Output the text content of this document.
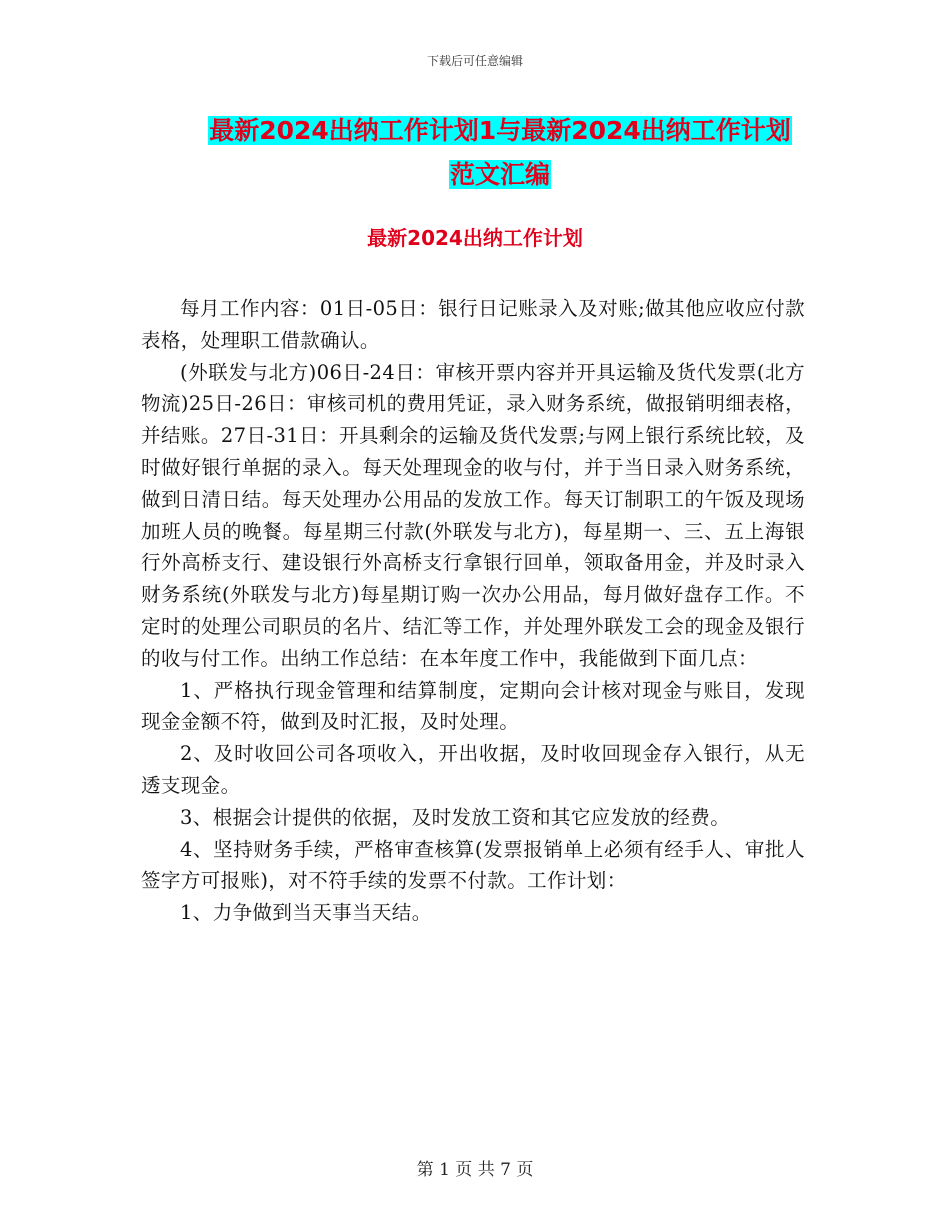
下载后可任意编辑
最新2024出纳工作计划1与最新2024出纳工作计划
范文汇编
最新2024出纳工作计划

每月工作内容：01日-05日：银行日记账录入及对账;做其他应收应付款表格，处理职工借款确认。

(外联发与北方)06日-24日：审核开票内容并开具运输及货代发票(北方物流)25日-26日：审核司机的费用凭证，录入财务系统，做报销明细表格，并结账。27日-31日：开具剩余的运输及货代发票;与网上银行系统比较，及时做好银行单据的录入。每天处理现金的收与付，并于当日录入财务系统，做到日清日结。每天处理办公用品的发放工作。每天订制职工的午饭及现场加班人员的晚餐。每星期三付款(外联发与北方)，每星期一、三、五上海银行外高桥支行、建设银行外高桥支行拿银行回单，领取备用金，并及时录入财务系统(外联发与北方)每星期订购一次办公用品，每月做好盘存工作。不定时的处理公司职员的名片、结汇等工作，并处理外联发工会的现金及银行的收与付工作。出纳工作总结：在本年度工作中，我能做到下面几点：

1、严格执行现金管理和结算制度，定期向会计核对现金与账目，发现现金金额不符，做到及时汇报，及时处理。

2、及时收回公司各项收入，开出收据，及时收回现金存入银行，从无透支现金。

3、根据会计提供的依据，及时发放工资和其它应发放的经费。

4、坚持财务手续，严格审查核算(发票报销单上必须有经手人、审批人签字方可报账)，对不符手续的发票不付款。工作计划：

1、力争做到当天事当天结。

第 1 页 共 7 页
